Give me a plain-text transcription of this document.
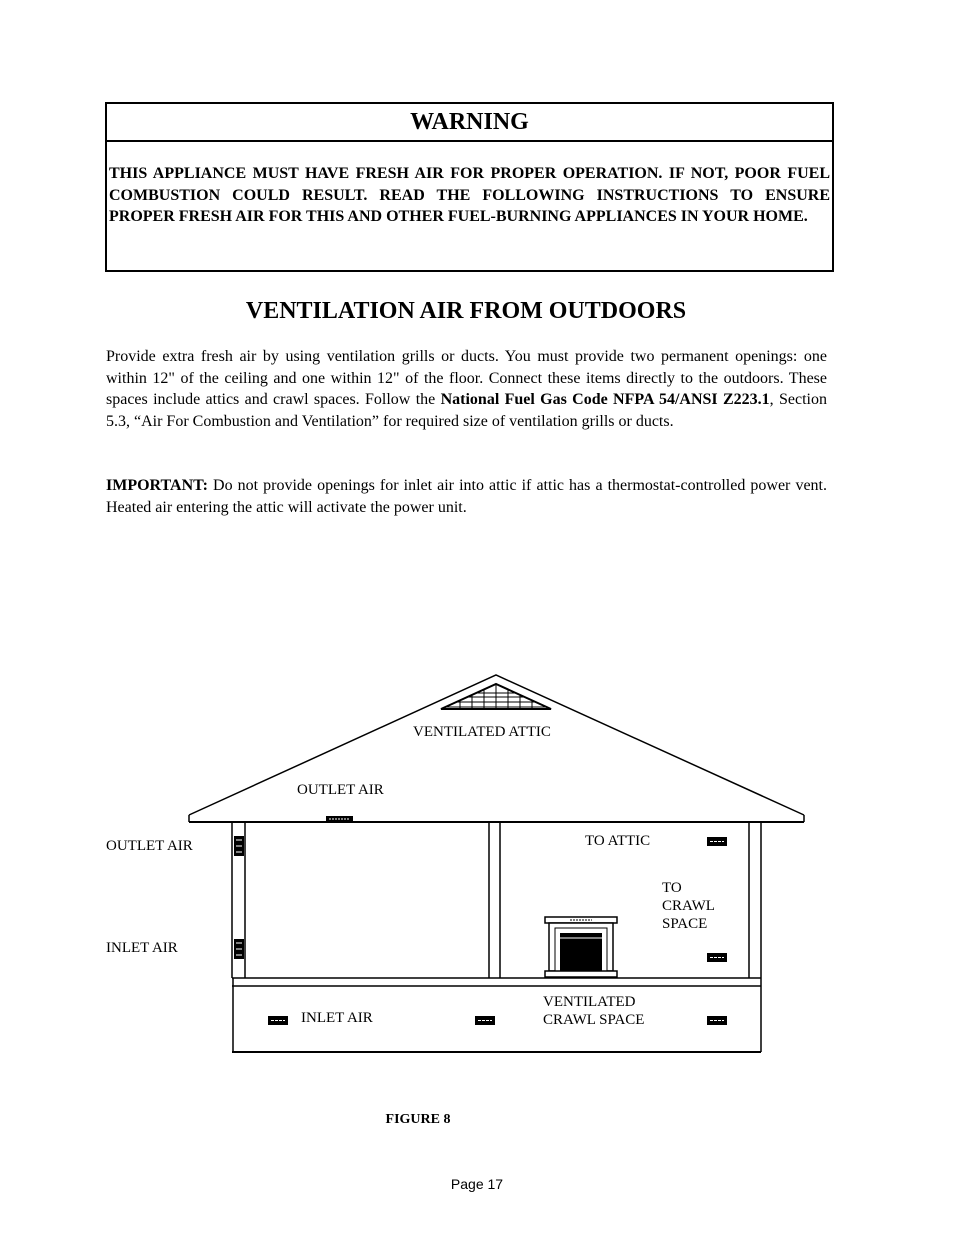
WARNING
THIS APPLIANCE MUST HAVE FRESH AIR FOR PROPER OPERATION. IF NOT, POOR FUEL COMBUSTION COULD RESULT. READ THE FOLLOWING INSTRUCTIONS TO ENSURE PROPER FRESH AIR FOR THIS AND OTHER FUEL-BURNING APPLIANCES IN YOUR HOME.
VENTILATION AIR FROM OUTDOORS

Provide extra fresh air by using ventilation grills or ducts. You must provide two permanent openings: one within 12" of the ceiling and one within 12" of the floor. Connect these items directly to the outdoors. These spaces include attics and crawl spaces. Follow the National Fuel Gas Code NFPA 54/ANSI Z223.1, Section 5.3, “Air For Combustion and Ventilation” for required size of ventilation grills or ducts.

IMPORTANT: Do not provide openings for inlet air into attic if attic has a thermostat-controlled power vent. Heated air entering the attic will activate the power unit.

VENTILATED ATTIC
OUTLET AIR
OUTLET AIR
INLET AIR
TO ATTIC
TO CRAWL SPACE
INLET AIR
VENTILATED CRAWL SPACE
FIGURE 8
Page 17
